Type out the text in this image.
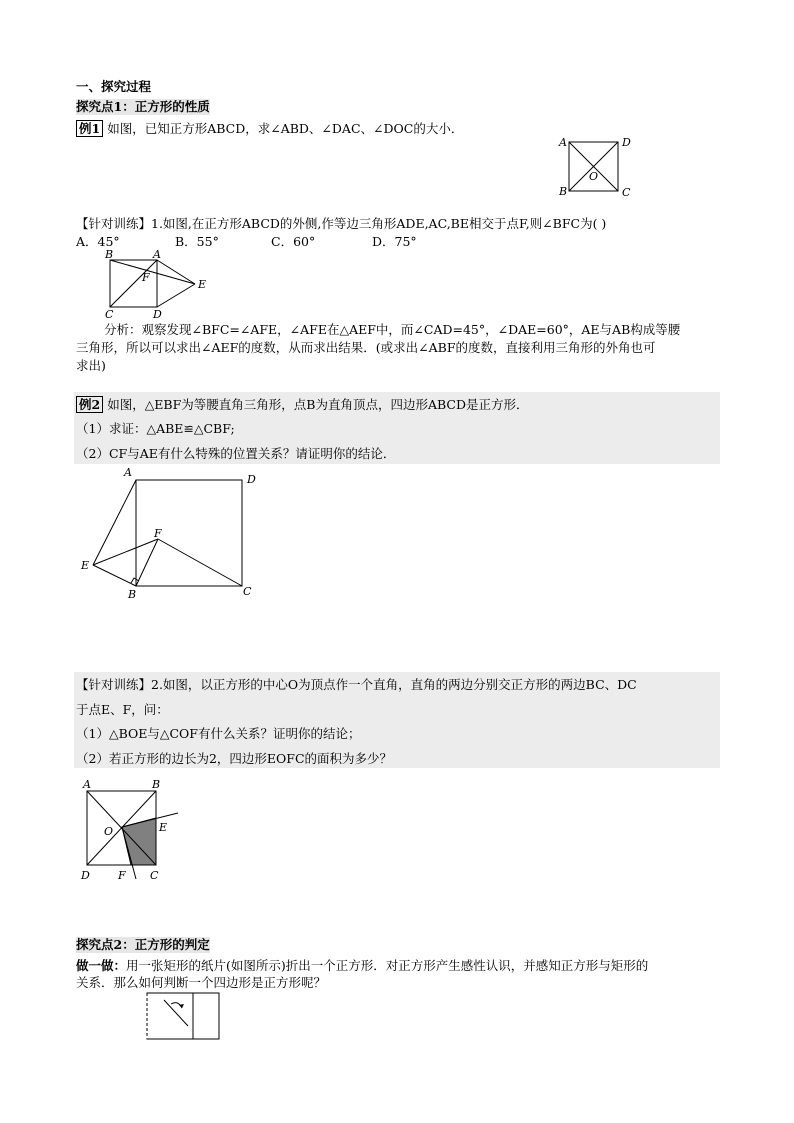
一、探究过程
探究点1：正方形的性质
例1 如图，已知正方形ABCD，求∠ABD、∠DAC、∠DOC的大小．
A	D
O
B	C
【针对训练】1.如图,在正方形ABCD的外侧,作等边三角形ADE,AC,BE相交于点F,则∠BFC为( )
A．45°	B．55°	C．60°	D．75°
B	A
F
E
C	D
分析：观察发现∠BFC=∠AFE，∠AFE在△AEF中，而∠CAD=45°，∠DAE=60°，AE与AB构成等腰
三角形，所以可以求出∠AEF的度数，从而求出结果．(或求出∠ABF的度数，直接利用三角形的外角也可
求出)
例2 如图，△EBF为等腰直角三角形，点B为直角顶点，四边形ABCD是正方形．
（1）求证：△ABE≌△CBF;
（2）CF与AE有什么特殊的位置关系？请证明你的结论．
A
D
F
E
B	C
【针对训练】2.如图，以正方形的中心O为顶点作一个直角，直角的两边分别交正方形的两边BC、DC
于点E、F，问：
（1）△BOE与△COF有什么关系？证明你的结论；
（2）若正方形的边长为2，四边形EOFC的面积为多少？
A	B
O	E
D	F C
探究点2：正方形的判定
做一做：用一张矩形的纸片(如图所示)折出一个正方形．对正方形产生感性认识，并感知正方形与矩形的
关系．那么如何判断一个四边形是正方形呢？
